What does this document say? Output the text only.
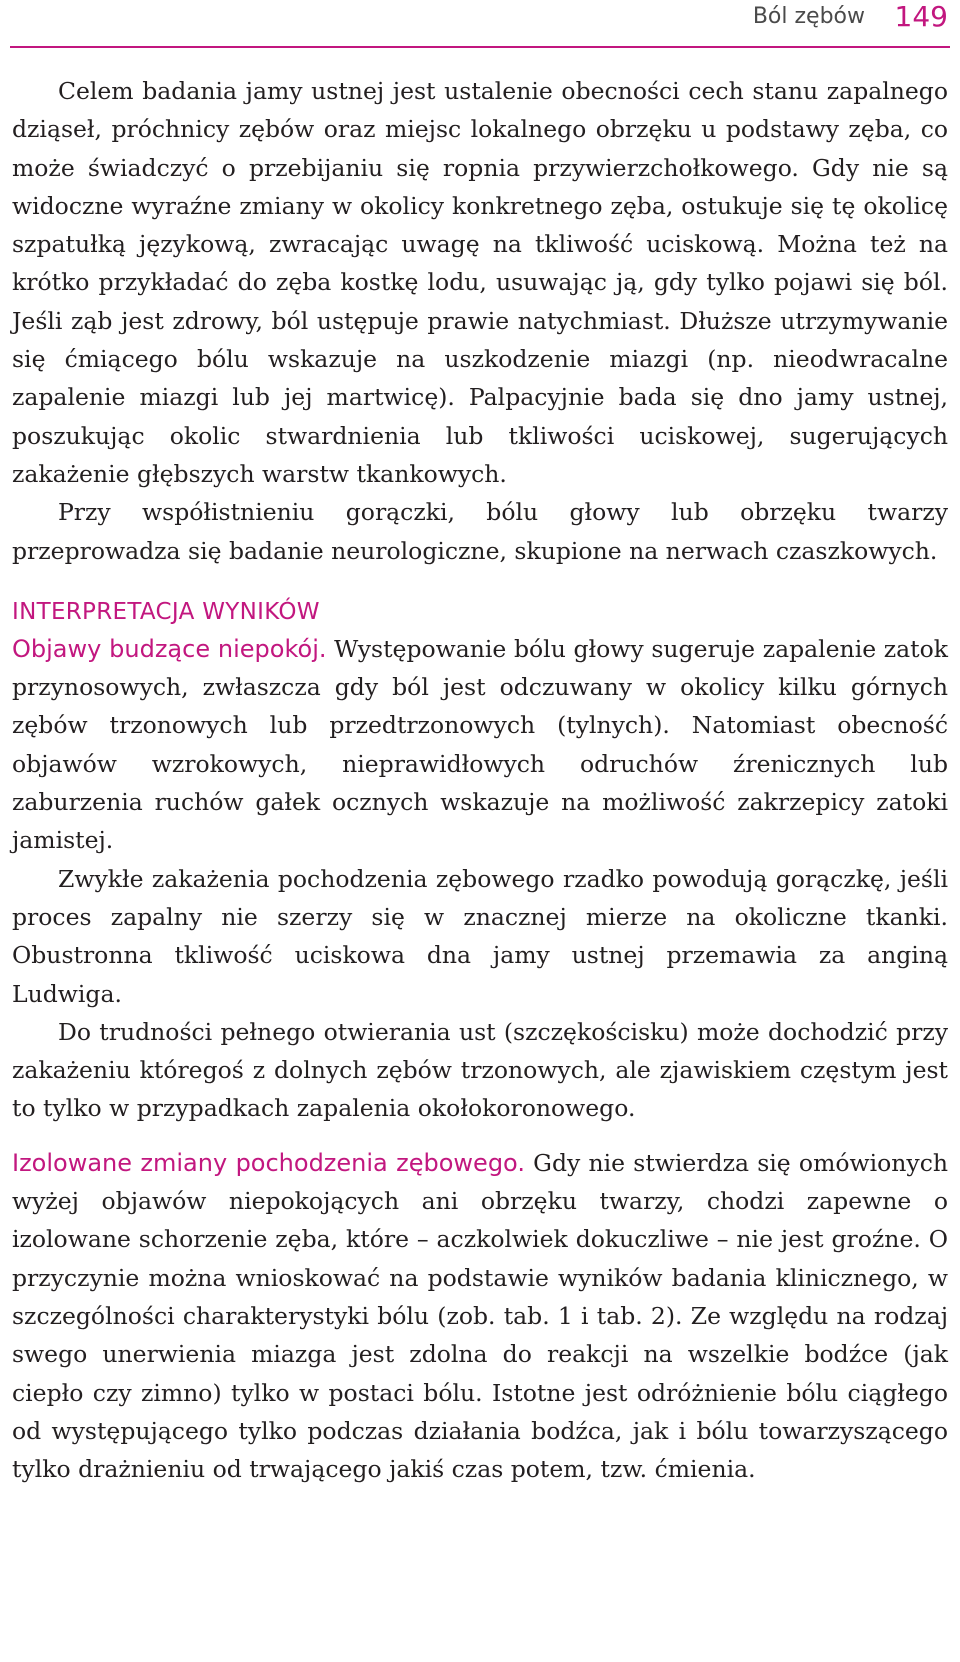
Ból zębów 149

Celem badania jamy ustnej jest ustalenie obecności cech stanu zapalnego dziąseł, próchnicy zębów oraz miejsc lokalnego obrzęku u podstawy zęba, co może świadczyć o przebijaniu się ropnia przywierzchołkowego. Gdy nie są widoczne wyraźne zmiany w okolicy konkretnego zęba, ostukuje się tę okolicę szpatułką językową, zwracając uwagę na tkliwość uciskową. Można też na krótko przykładać do zęba kostkę lodu, usuwając ją, gdy tylko pojawi się ból. Jeśli ząb jest zdrowy, ból ustępuje prawie natychmiast. Dłuższe utrzymywanie się ćmiącego bólu wskazuje na uszkodzenie miazgi (np. nieodwracalne zapalenie miazgi lub jej martwicę). Palpacyjnie bada się dno jamy ustnej, poszukując okolic stwardnienia lub tkliwości uciskowej, sugerujących zakażenie głębszych warstw tkankowych.

Przy współistnieniu gorączki, bólu głowy lub obrzęku twarzy przeprowadza się badanie neurologiczne, skupione na nerwach czaszkowych.

INTERPRETACJA WYNIKÓW

Objawy budzące niepokój. Występowanie bólu głowy sugeruje zapalenie zatok przynosowych, zwłaszcza gdy ból jest odczuwany w okolicy kilku górnych zębów trzonowych lub przedtrzonowych (tylnych). Natomiast obecność objawów wzrokowych, nieprawidłowych odruchów źrenicznych lub zaburzenia ruchów gałek ocznych wskazuje na możliwość zakrzepicy zatoki jamistej.

Zwykłe zakażenia pochodzenia zębowego rzadko powodują gorączkę, jeśli proces zapalny nie szerzy się w znacznej mierze na okoliczne tkanki. Obustronna tkliwość uciskowa dna jamy ustnej przemawia za anginą Ludwiga.

Do trudności pełnego otwierania ust (szczękościsku) może dochodzić przy zakażeniu któregoś z dolnych zębów trzonowych, ale zjawiskiem częstym jest to tylko w przypadkach zapalenia okołokoronowego.

Izolowane zmiany pochodzenia zębowego. Gdy nie stwierdza się omówionych wyżej objawów niepokojących ani obrzęku twarzy, chodzi zapewne o izolowane schorzenie zęba, które – aczkolwiek dokuczliwe – nie jest groźne. O przyczynie można wnioskować na podstawie wyników badania klinicznego, w szczególności charakterystyki bólu (zob. tab. 1 i tab. 2). Ze względu na rodzaj swego unerwienia miazga jest zdolna do reakcji na wszelkie bodźce (jak ciepło czy zimno) tylko w postaci bólu. Istotne jest odróżnienie bólu ciągłego od występującego tylko podczas działania bodźca, jak i bólu towarzyszącego tylko drażnieniu od trwającego jakiś czas potem, tzw. ćmienia.
